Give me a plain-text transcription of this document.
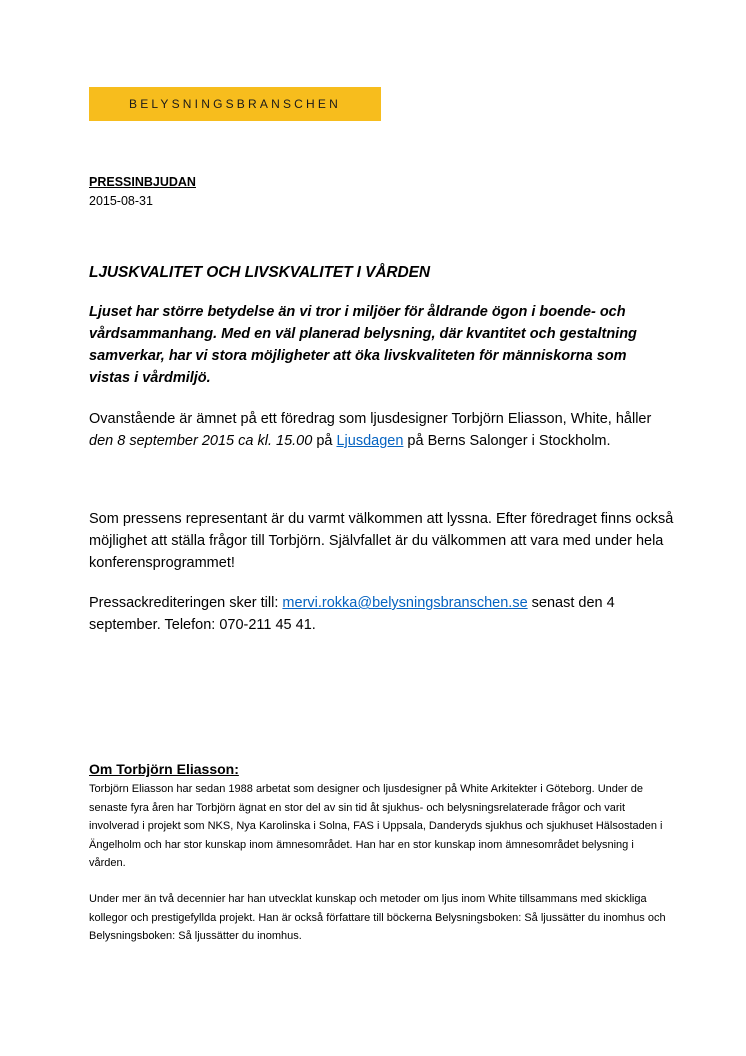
BELYSNINGSBRANSCHEN
PRESSINBJUDAN
2015-08-31
LJUSKVALITET OCH LIVSKVALITET I VÅRDEN
Ljuset har större betydelse än vi tror i miljöer för åldrande ögon i boende- och vårdsammanhang. Med en väl planerad belysning, där kvantitet och gestaltning samverkar, har vi stora möjligheter att öka livskvaliteten för människorna som vistas i vårdmiljö.
Ovanstående är ämnet på ett föredrag som ljusdesigner Torbjörn Eliasson, White, håller den 8 september 2015 ca kl. 15.00 på Ljusdagen på Berns Salonger i Stockholm.
Som pressens representant är du varmt välkommen att lyssna. Efter föredraget finns också möjlighet att ställa frågor till Torbjörn. Självfallet är du välkommen att vara med under hela konferensprogrammet!
Pressackrediteringen sker till: mervi.rokka@belysningsbranschen.se senast den 4 september. Telefon: 070-211 45 41.
Om Torbjörn Eliasson:
Torbjörn Eliasson har sedan 1988 arbetat som designer och ljusdesigner på White Arkitekter i Göteborg. Under de senaste fyra åren har Torbjörn ägnat en stor del av sin tid åt sjukhus- och belysningsrelaterade frågor och varit involverad i projekt som NKS, Nya Karolinska i Solna, FAS i Uppsala, Danderyds sjukhus och sjukhuset Hälsostaden i Ängelholm och har stor kunskap inom ämnesområdet. Han har en stor kunskap inom ämnesområdet belysning i vården.
Under mer än två decennier har han utvecklat kunskap och metoder om ljus inom White tillsammans med skickliga kollegor och prestigefyllda projekt. Han är också författare till böckerna Belysningsboken: Så ljussätter du inomhus och Belysningsboken: Så ljussätter du inomhus.
